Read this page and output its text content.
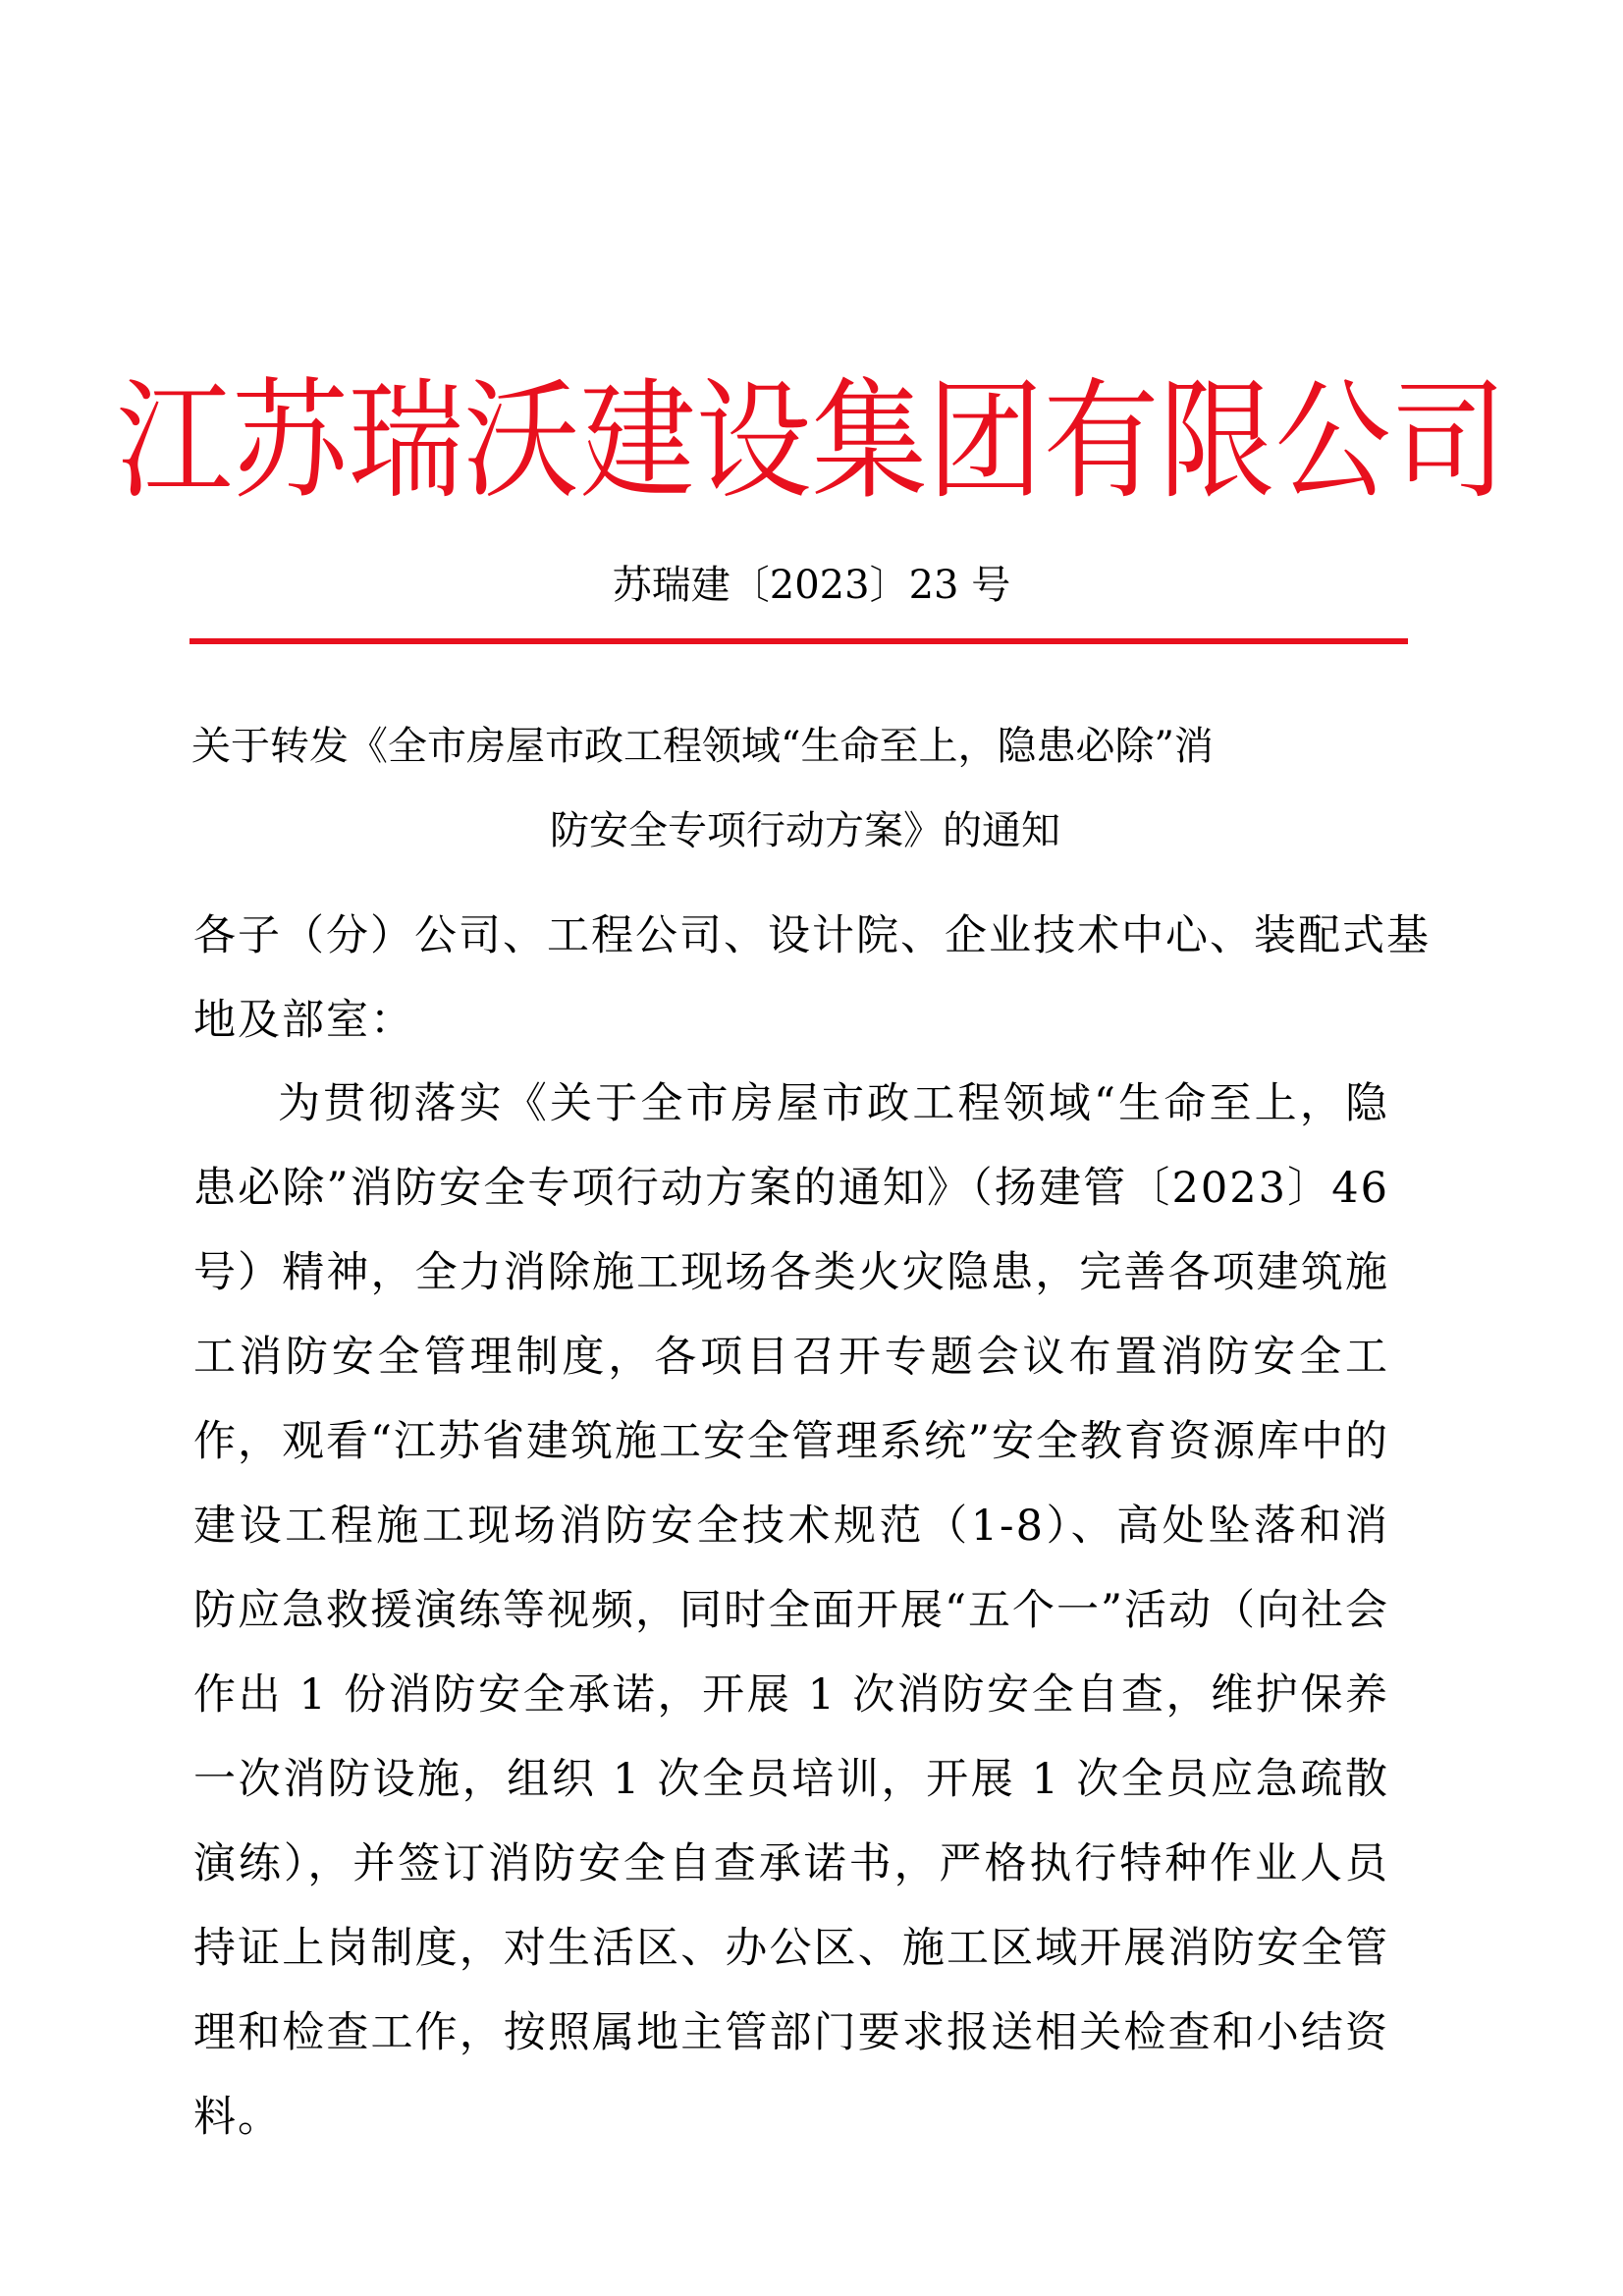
江苏瑞沃建设集团有限公司
苏瑞建〔2023〕23 号
关于转发《全市房屋市政工程领域“生命至上，隐患必除”消
防安全专项行动方案》的通知
各子（分）公司、工程公司、设计院、企业技术中心、装配式基地及部室：
为贯彻落实《关于全市房屋市政工程领域“生命至上，隐患必除”消防安全专项行动方案的通知》（扬建管〔2023〕46号）精神，全力消除施工现场各类火灾隐患，完善各项建筑施工消防安全管理制度，各项目召开专题会议布置消防安全工作，观看“江苏省建筑施工安全管理系统”安全教育资源库中的建设工程施工现场消防安全技术规范（1-8）、高处坠落和消防应急救援演练等视频，同时全面开展“五个一”活动（向社会作出 1 份消防安全承诺，开展 1 次消防安全自查，维护保养一次消防设施，组织 1 次全员培训，开展 1 次全员应急疏散演练），并签订消防安全自查承诺书，严格执行特种作业人员持证上岗制度，对生活区、办公区、施工区域开展消防安全管理和检查工作，按照属地主管部门要求报送相关检查和小结资料。
